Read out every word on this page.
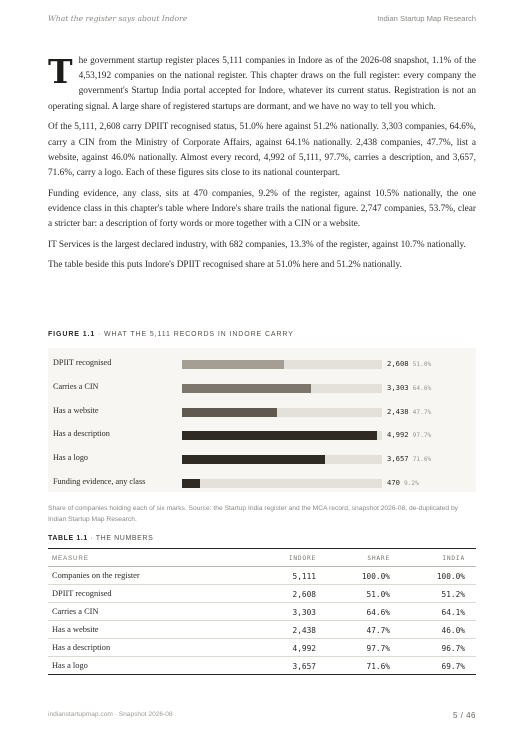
What the register says about Indore	Indian Startup Map Research

The government startup register places 5,111 companies in Indore as of the 2026-08 snapshot, 1.1% of the 4,53,192 companies on the national register. This chapter draws on the full register: every company the government's Startup India portal accepted for Indore, whatever its current status. Registration is not an operating signal. A large share of registered startups are dormant, and we have no way to tell you which.

Of the 5,111, 2,608 carry DPIIT recognised status, 51.0% here against 51.2% nationally. 3,303 companies, 64.6%, carry a CIN from the Ministry of Corporate Affairs, against 64.1% nationally. 2,438 companies, 47.7%, list a website, against 46.0% nationally. Almost every record, 4,992 of 5,111, 97.7%, carries a description, and 3,657, 71.6%, carry a logo. Each of these figures sits close to its national counterpart.

Funding evidence, any class, sits at 470 companies, 9.2% of the register, against 10.5% nationally, the one evidence class in this chapter's table where Indore's share trails the national figure. 2,747 companies, 53.7%, clear a stricter bar: a description of forty words or more together with a CIN or a website.

IT Services is the largest declared industry, with 682 companies, 13.3% of the register, against 10.7% nationally.

The table beside this puts Indore's DPIIT recognised share at 51.0% here and 51.2% nationally.

FIGURE 1.1 · WHAT THE 5,111 RECORDS IN INDORE CARRY
DPIIT recognised	2,608 51.0%
Carries a CIN	3,303 64.6%
Has a website	2,438 47.7%
Has a description	4,992 97.7%
Has a logo	3,657 71.6%
Funding evidence, any class	470 9.2%
Share of companies holding each of six marks. Source: the Startup India register and the MCA record, snapshot 2026-08, de-duplicated by Indian Startup Map Research.
TABLE 1.1 · THE NUMBERS
MEASURE	INDORE	SHARE	INDIA
Companies on the register	5,111	100.0%	100.0%
DPIIT recognised	2,608	51.0%	51.2%
Carries a CIN	3,303	64.6%	64.1%
Has a website	2,438	47.7%	46.0%
Has a description	4,992	97.7%	96.7%
Has a logo	3,657	71.6%	69.7%
indianstartupmap.com · Snapshot 2026-08	5 / 46
